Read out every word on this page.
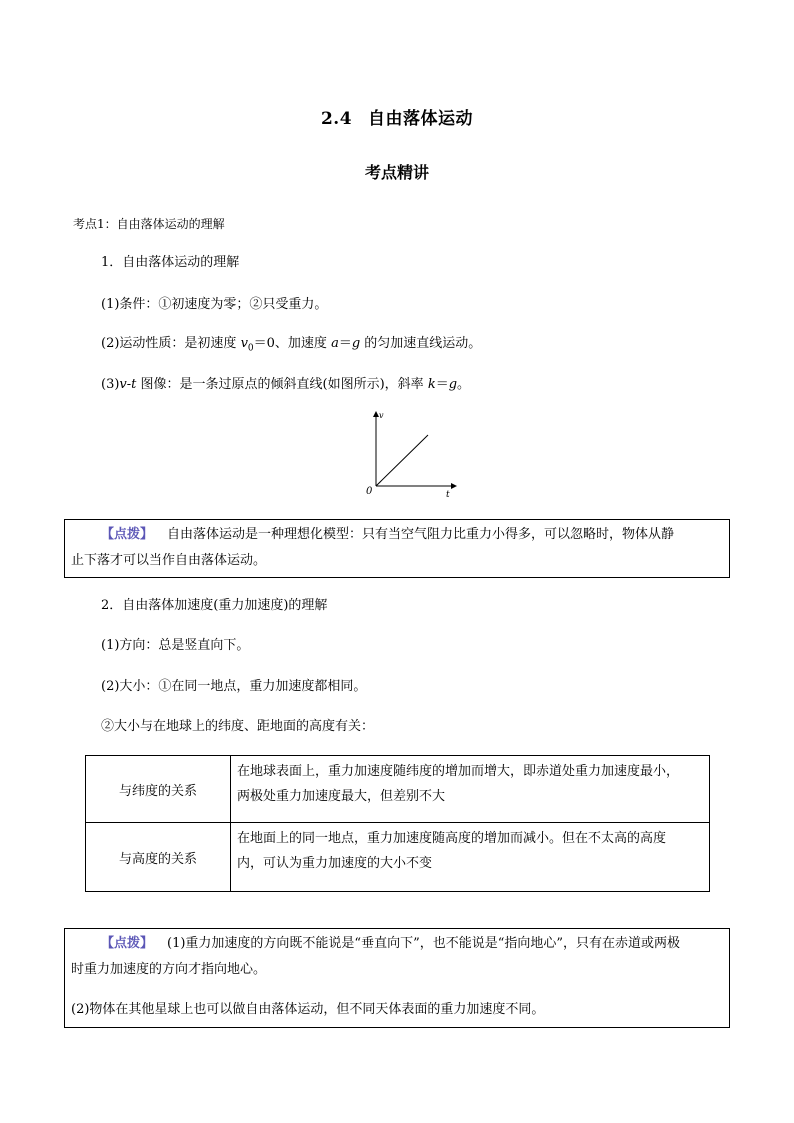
2.4 自由落体运动
考点精讲
考点1：自由落体运动的理解
1．自由落体运动的理解
(1)条件：①初速度为零；②只受重力。
(2)运动性质：是初速度 $v_0=0$、加速度 a＝g 的匀加速直线运动。
(3)v-t 图像：是一条过原点的倾斜直线(如图所示)，斜率 k＝g。
v
t
0
【点拨】 自由落体运动是一种理想化模型：只有当空气阻力比重力小得多，可以忽略时，物体从静
止下落才可以当作自由落体运动。
2．自由落体加速度(重力加速度)的理解
(1)方向：总是竖直向下。
(2)大小：①在同一地点，重力加速度都相同。
②大小与在地球上的纬度、距地面的高度有关：
与纬度的关系	在地球表面上，重力加速度随纬度的增加而增大，即赤道处重力加速度最小，
两极处重力加速度最大，但差别不大

与高度的关系	在地面上的同一地点，重力加速度随高度的增加而减小。但在不太高的高度
内，可认为重力加速度的大小不变
【点拨】 (1)重力加速度的方向既不能说是“垂直向下”，也不能说是“指向地心”，只有在赤道或两极
时重力加速度的方向才指向地心。
(2)物体在其他星球上也可以做自由落体运动，但不同天体表面的重力加速度不同。
